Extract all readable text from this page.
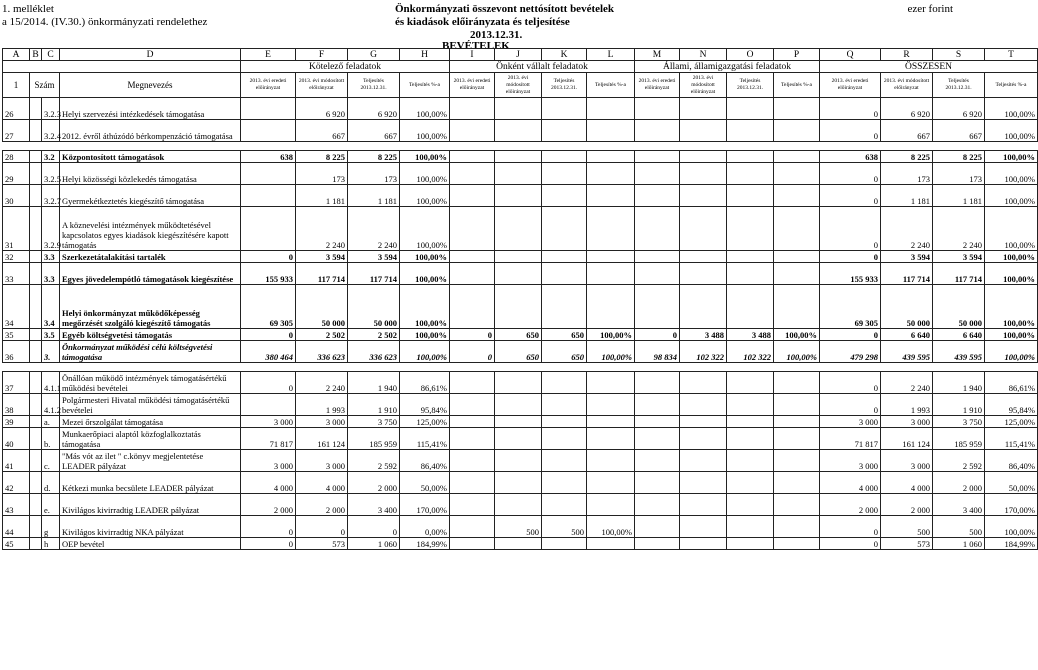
1. melléklet
a 15/2014. (IV.30.) önkormányzati rendelethez
Önkormányzati összevont nettósított bevételek
és kiadások előirányzata és teljesítése
2013.12.31.
BEVÉTELEK
ezer forint
A	B	C	D	E	F	G	H	I	J	K	L	M	N	O	P	Q	R	S	T
				Kötelező feladatok				Önként vállalt feladatok				Állami, államigazgatási feladatok				ÖSSZESEN			
1	Szám		Megnevezés	2013. évi eredeti előirányzat	2013. évi módosított előirányzat	Teljesítés 2013.12.31.	Teljesítés %-a	2013. évi eredeti előirányzat	2013. évi módosított előirányzat	Teljesítés 2013.12.31.	Teljesítés %-a	2013. évi eredeti előirányzat	2013. évi módosított előirányzat	Teljesítés 2013.12.31.	Teljesítés %-a	2013. évi eredeti előirányzat	2013. évi módosított előirányzat	Teljesítés 2013.12.31.	Teljesítés %-a
26		3.2.3	Helyi szervezési intézkedések támogatása		6 920	6 920	100,00%									0	6 920	6 920	100,00%
27		3.2.4	2012. évről áthúzódó bérkompenzáció támogatása		667	667	100,00%									0	667	667	100,00%

28		3.2	Központosított támogatások	638	8 225	8 225	100,00%									638	8 225	8 225	100,00%
29		3.2.5	Helyi közösségi közlekedés támogatása		173	173	100,00%									0	173	173	100,00%
30		3.2.7	Gyermekétkeztetés kiegészítő támogatása		1 181	1 181	100,00%									0	1 181	1 181	100,00%
31		3.2.9	A köznevelési intézmények működtetésével kapcsolatos egyes kiadások kiegészítésére kapott támogatás		2 240	2 240	100,00%									0	2 240	2 240	100,00%
32		3.3	Szerkezetátalakítási tartalék	0	3 594	3 594	100,00%									0	3 594	3 594	100,00%
33		3.3	Egyes jövedelempótló támogatások kiegészítése	155 933	117 714	117 714	100,00%									155 933	117 714	117 714	100,00%
34		3.4	Helyi önkormányzat működőképesség megőrzését szolgáló kiegészítő támogatás	69 305	50 000	50 000	100,00%									69 305	50 000	50 000	100,00%
35		3.5	Egyéb költségvetési támogatás	0	2 502	2 502	100,00%	0	650	650	100,00%	0	3 488	3 488	100,00%	0	6 640	6 640	100,00%
36		3.	Önkormányzat működési célú költségvetési támogatása	380 464	336 623	336 623	100,00%	0	650	650	100,00%	98 834	102 322	102 322	100,00%	479 298	439 595	439 595	100,00%

37		4.1.1	Önállóan működő intézmények támogatásértékű működési bevételei	0	2 240	1 940	86,61%									0	2 240	1 940	86,61%
38		4.1.2	Polgármesteri Hivatal működési támogatásértékű bevételei		1 993	1 910	95,84%									0	1 993	1 910	95,84%
39		a.	Mezei őrszolgálat támogatása	3 000	3 000	3 750	125,00%									3 000	3 000	3 750	125,00%
40		b.	Munkaerőpiaci alaptól közfoglalkoztatás támogatása	71 817	161 124	185 959	115,41%									71 817	161 124	185 959	115,41%
41		c.	"Más vót az ilet " c.könyv megjelentetése LEADER pályázat	3 000	3 000	2 592	86,40%									3 000	3 000	2 592	86,40%
42		d.	Kétkezi munka becsülete LEADER pályázat	4 000	4 000	2 000	50,00%									4 000	4 000	2 000	50,00%
43		e.	Kivilágos kivirradtig LEADER pályázat	2 000	2 000	3 400	170,00%									2 000	2 000	3 400	170,00%
44		g	Kivilágos kivirradtig NKA pályázat	0	0	0	0,00%		500	500	100,00%					0	500	500	100,00%
45		h	OEP bevétel	0	573	1 060	184,99%									0	573	1 060	184,99%
